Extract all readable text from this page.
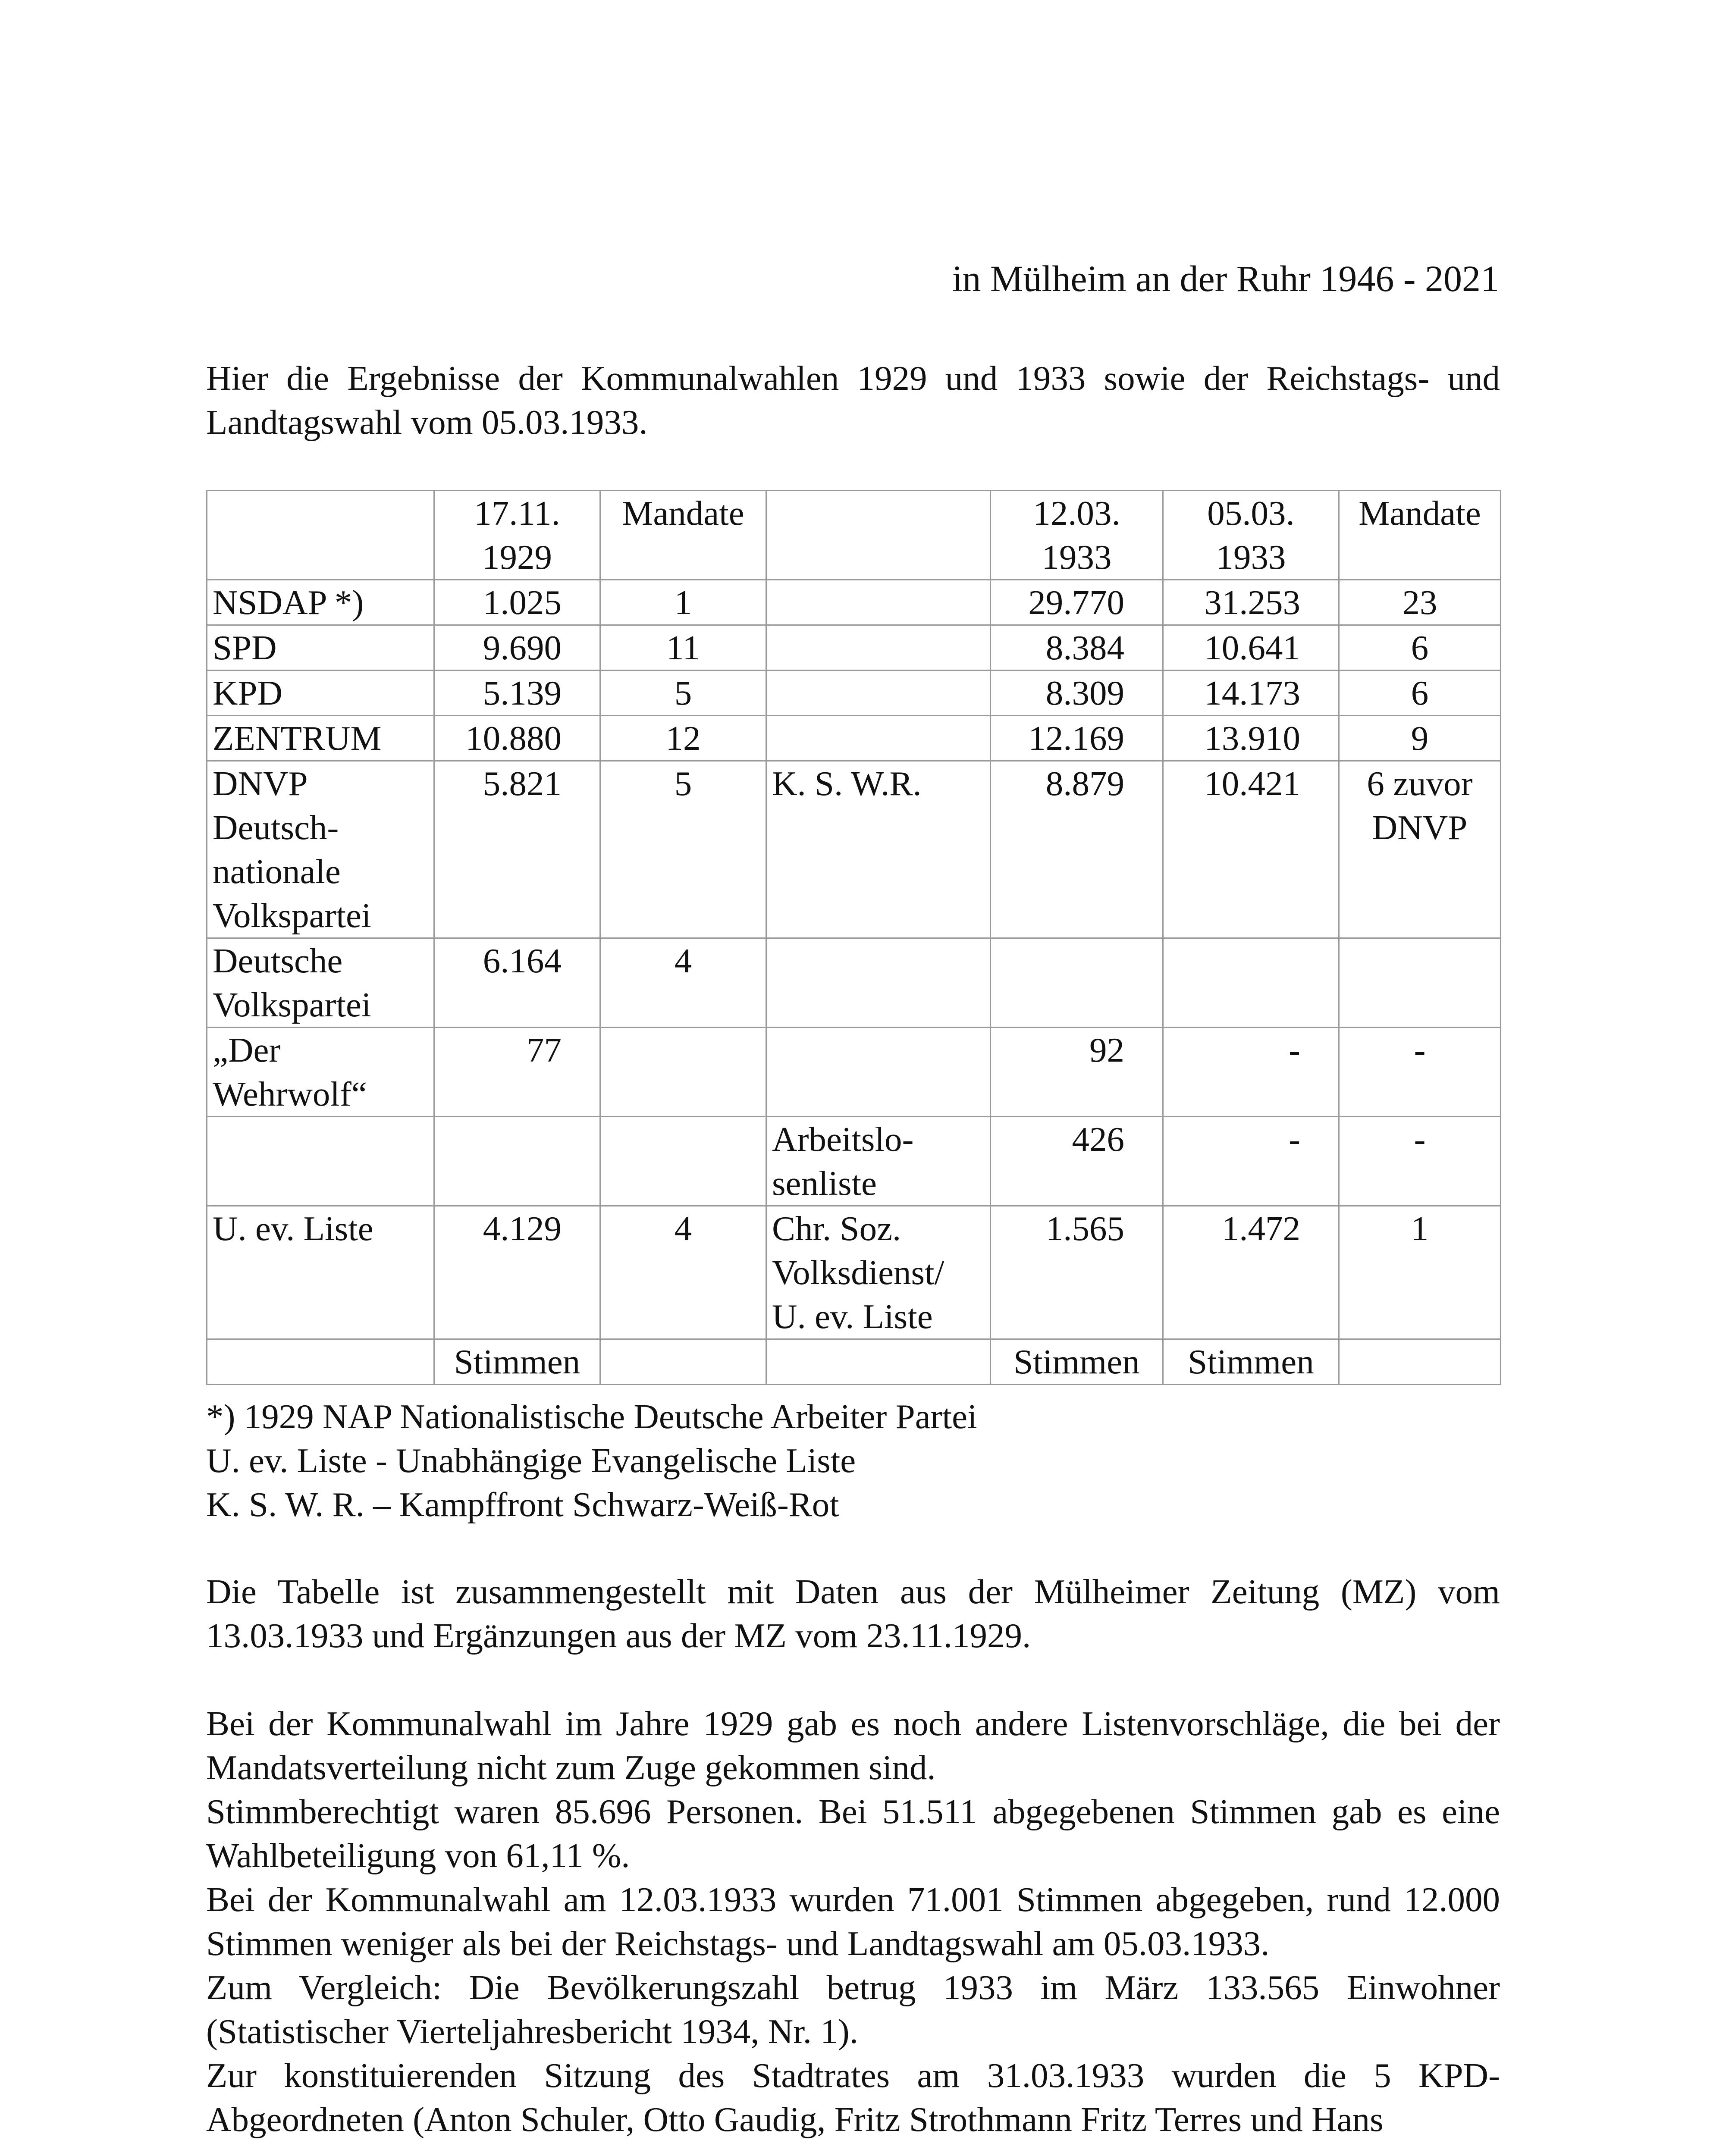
in Mülheim an der Ruhr 1946 - 2021

Hier die Ergebnisse der Kommunalwahlen 1929 und 1933 sowie der Reichstags- und Landtagswahl vom 05.03.1933.

	17.11. 1929	Mandate		12.03. 1933	05.03. 1933	Mandate
NSDAP *)	1.025	1		29.770	31.253	23
SPD	9.690	11		8.384	10.641	6
KPD	5.139	5		8.309	14.173	6
ZENTRUM	10.880	12		12.169	13.910	9
DNVP Deutsch- nationale Volkspartei	5.821	5	K. S. W.R.	8.879	10.421	6 zuvor DNVP
Deutsche Volkspartei	6.164	4				
„Der Wehrwolf“	77			92	-	-
			Arbeitslo- senliste	426	-	-
U. ev. Liste	4.129	4	Chr. Soz. Volksdienst/ U. ev. Liste	1.565	1.472	1
	Stimmen			Stimmen	Stimmen	

*) 1929 NAP Nationalistische Deutsche Arbeiter Partei

U. ev. Liste - Unabhängige Evangelische Liste

K. S. W. R. – Kampffront Schwarz-Weiß-Rot

Die Tabelle ist zusammengestellt mit Daten aus der Mülheimer Zeitung (MZ) vom 13.03.1933 und Ergänzungen aus der MZ vom 23.11.1929.

Bei der Kommunalwahl im Jahre 1929 gab es noch andere Listenvorschläge, die bei der Mandatsverteilung nicht zum Zuge gekommen sind.

Stimmberechtigt waren 85.696 Personen. Bei 51.511 abgegebenen Stimmen gab es eine Wahlbeteiligung von 61,11 %.

Bei der Kommunalwahl am 12.03.1933 wurden 71.001 Stimmen abgegeben, rund 12.000 Stimmen weniger als bei der Reichstags- und Landtagswahl am 05.03.1933.

Zum Vergleich: Die Bevölkerungszahl betrug 1933 im März 133.565 Einwohner (Statistischer Vierteljahresbericht 1934, Nr. 1).

Zur konstituierenden Sitzung des Stadtrates am 31.03.1933 wurden die 5 KPD-Abgeordneten (Anton Schuler, Otto Gaudig, Fritz Strothmann Fritz Terres und Hans
